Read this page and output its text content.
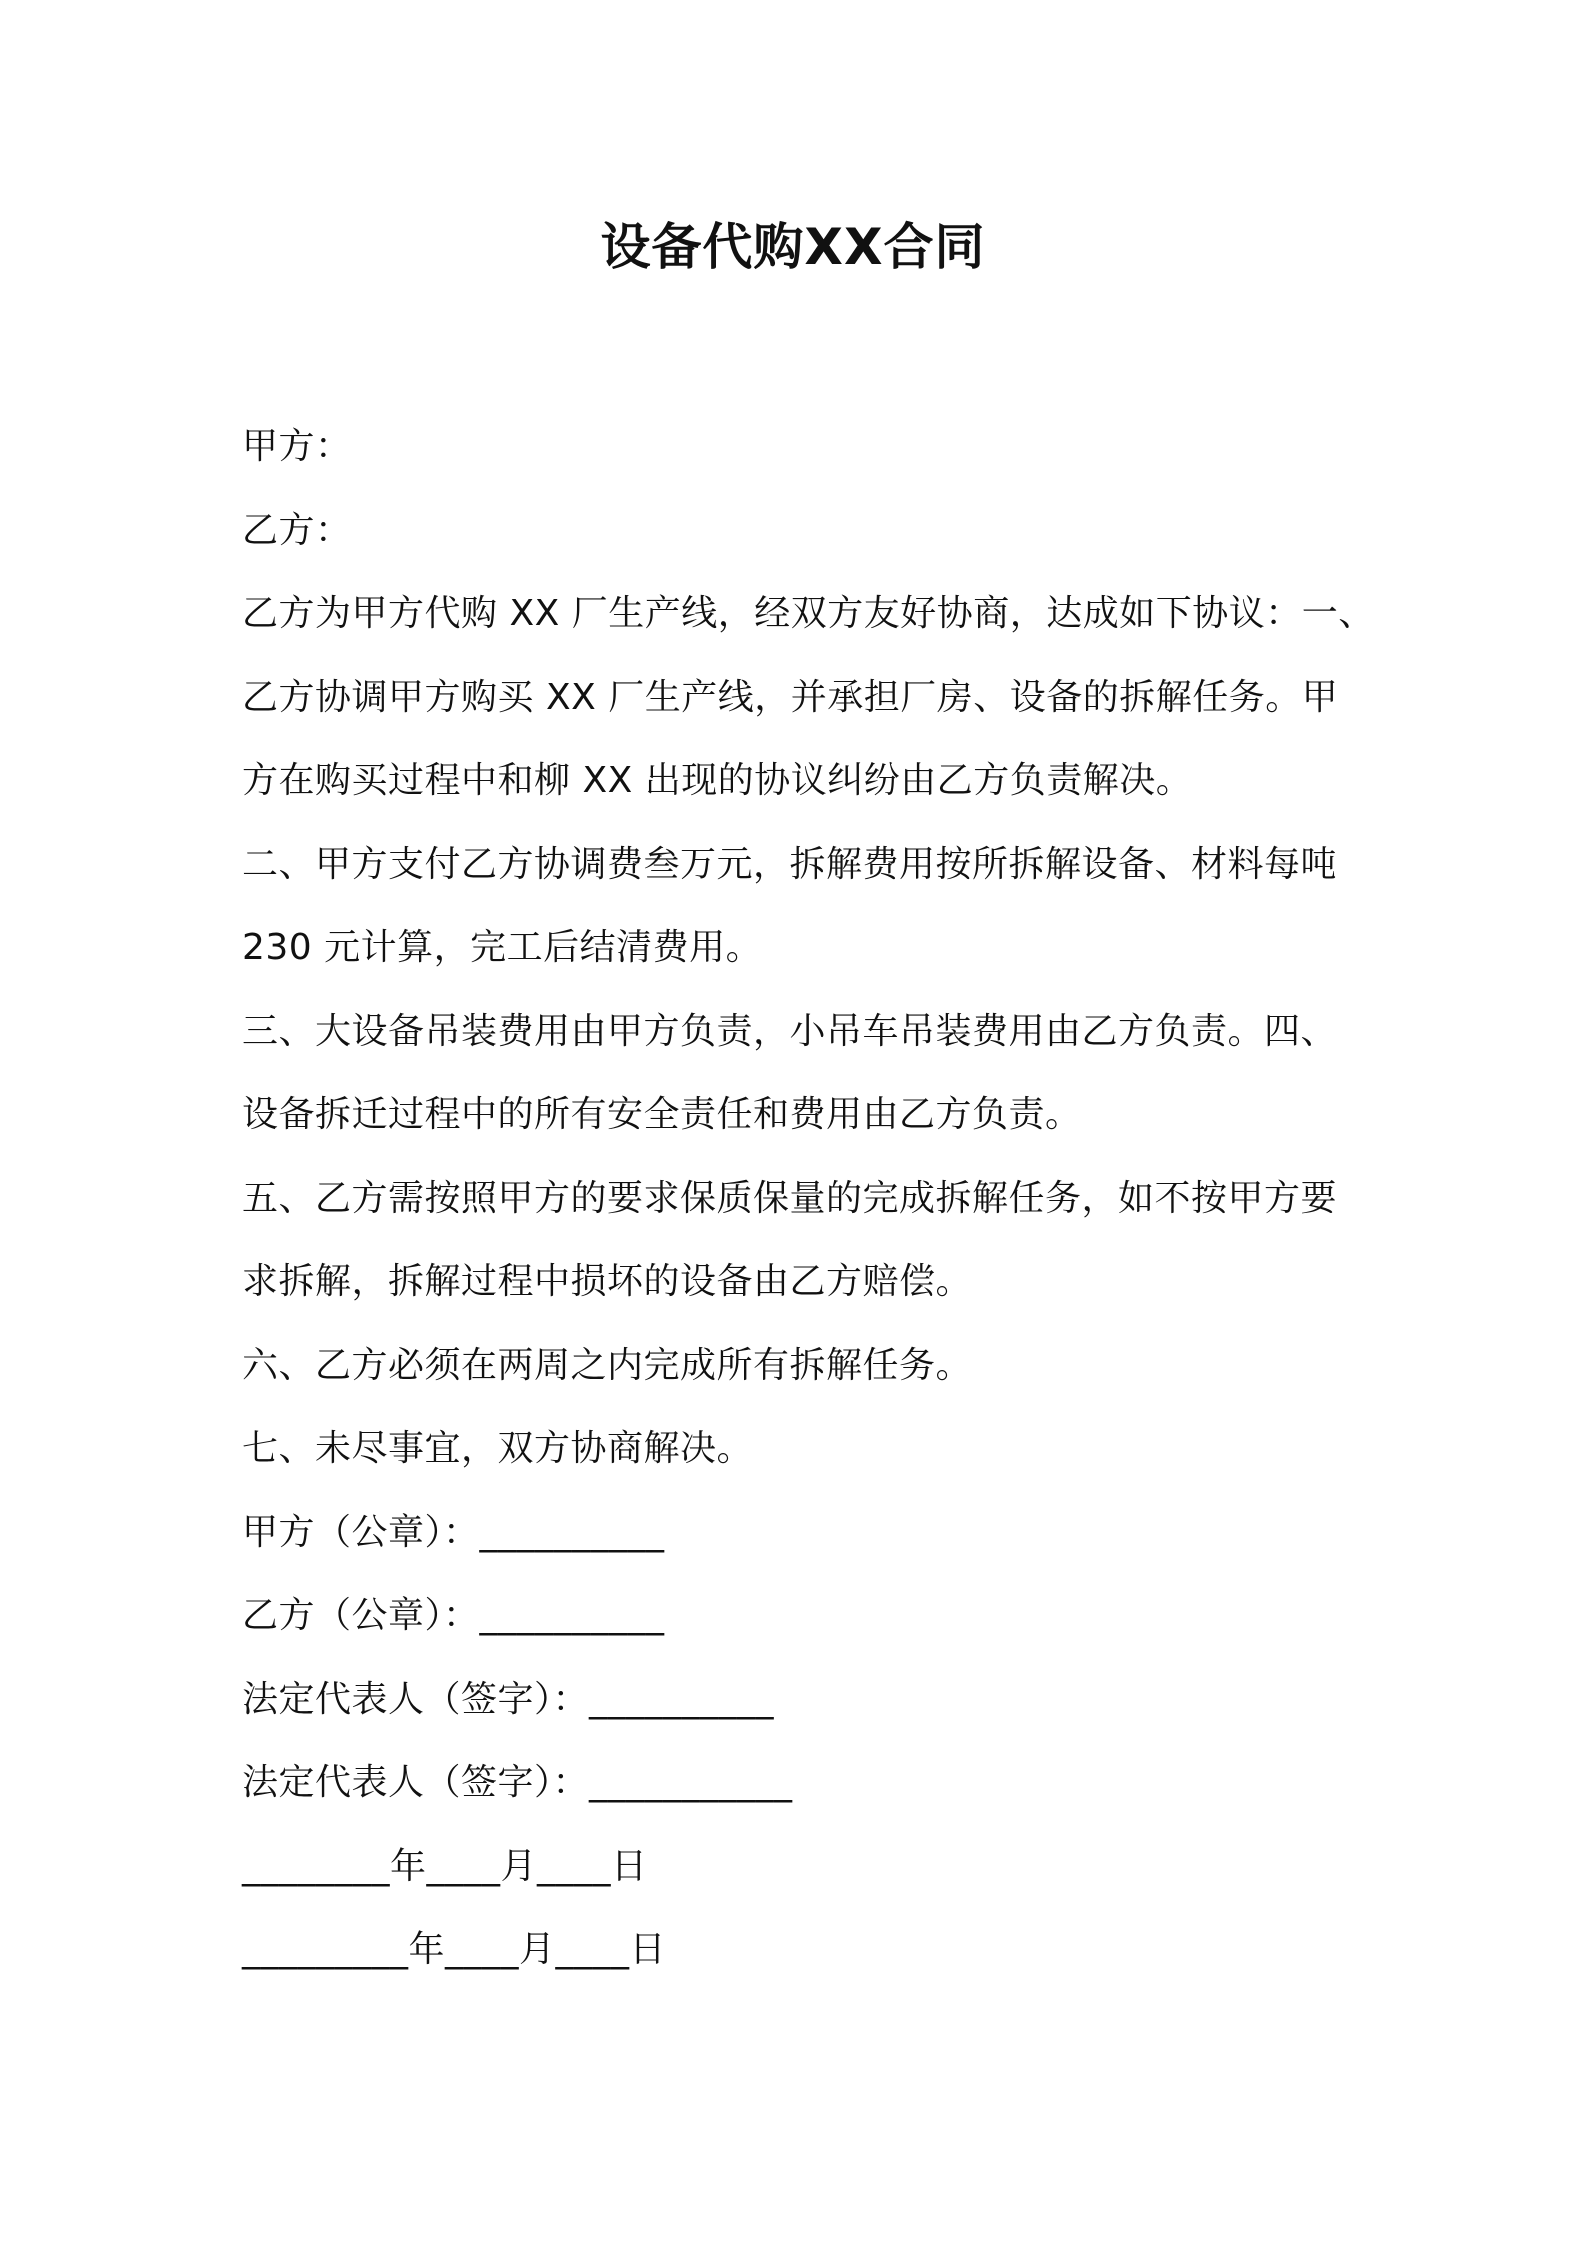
设备代购XX合同
甲方：
乙方：
乙方为甲方代购 XX 厂生产线，经双方友好协商，达成如下协议：一、
乙方协调甲方购买 XX 厂生产线，并承担厂房、设备的拆解任务。甲
方在购买过程中和柳 XX 出现的协议纠纷由乙方负责解决。
二、甲方支付乙方协调费叁万元，拆解费用按所拆解设备、材料每吨
230 元计算，完工后结清费用。
三、大设备吊装费用由甲方负责，小吊车吊装费用由乙方负责。四、
设备拆迁过程中的所有安全责任和费用由乙方负责。
五、乙方需按照甲方的要求保质保量的完成拆解任务，如不按甲方要
求拆解，拆解过程中损坏的设备由乙方赔偿。
六、乙方必须在两周之内完成所有拆解任务。
七、未尽事宜，双方协商解决。
甲方（公章）：__________
乙方（公章）：__________
法定代表人（签字）：__________
法定代表人（签字）：___________
________年____月____日
_________年____月____日
